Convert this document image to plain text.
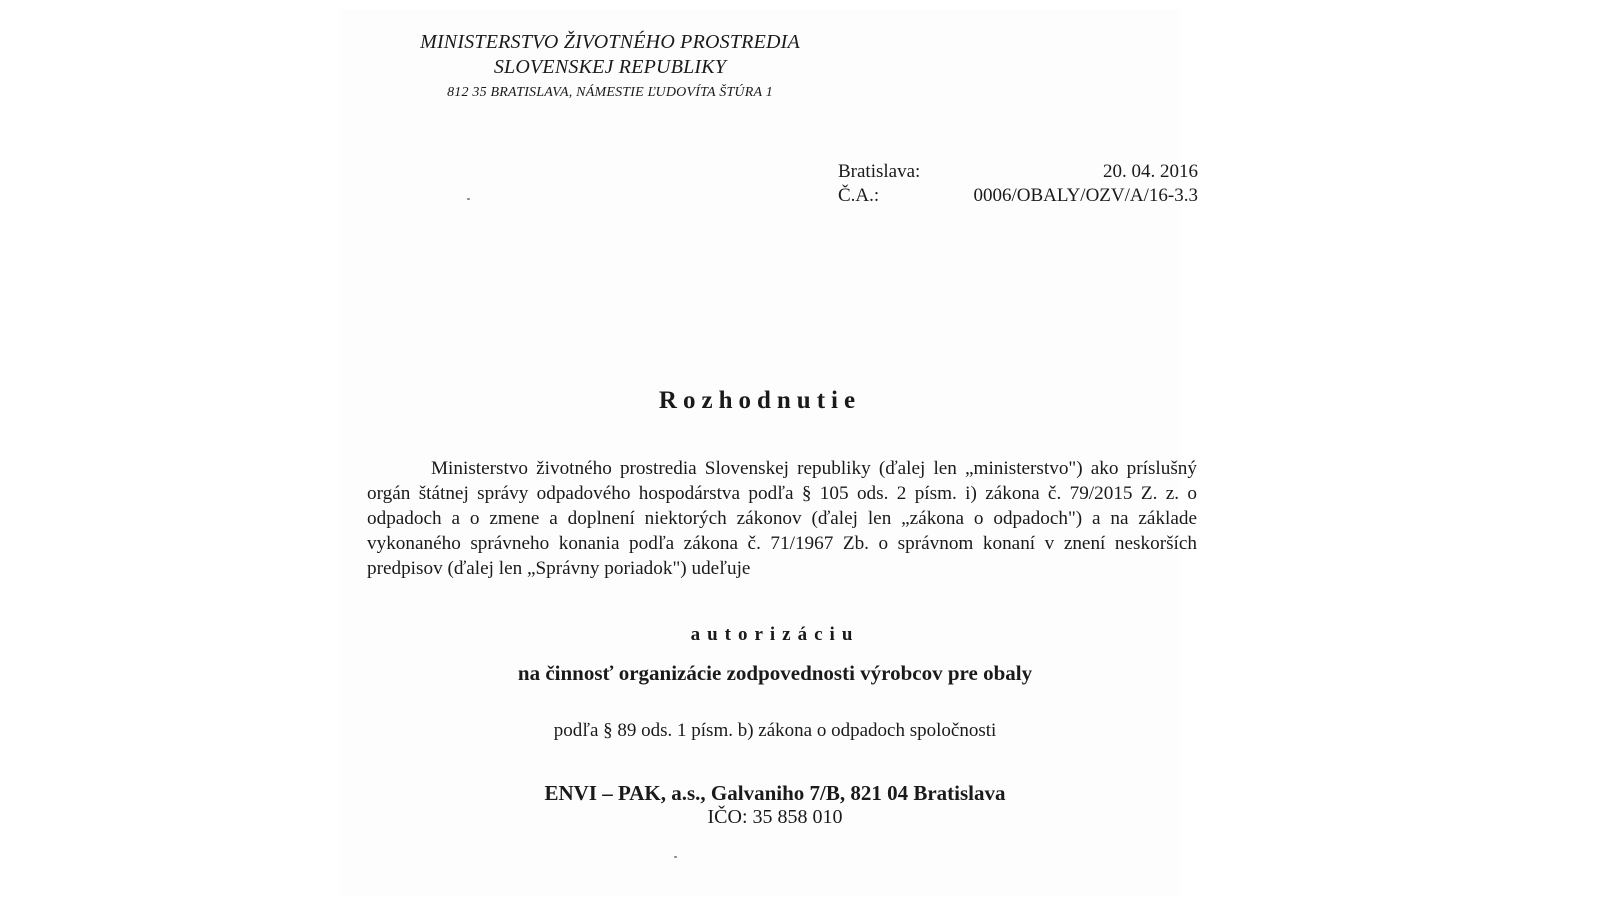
MINISTERSTVO ŽIVOTNÉHO PROSTREDIA
SLOVENSKEJ REPUBLIKY
812 35 BRATISLAVA, NÁMESTIE ĽUDOVÍTA ŠTÚRA 1
Bratislava:	20. 04. 2016
Č.A.:	0006/OBALY/OZV/A/16-3.3
Rozhodnutie
Ministerstvo životného prostredia Slovenskej republiky (ďalej len „ministerstvo") ako príslušný orgán štátnej správy odpadového hospodárstva podľa § 105 ods. 2 písm. i) zákona č. 79/2015 Z. z. o odpadoch a o zmene a doplnení niektorých zákonov (ďalej len „zákona o odpadoch") a na základe vykonaného správneho konania podľa zákona č. 71/1967 Zb. o správnom konaní v znení neskorších predpisov (ďalej len „Správny poriadok") udeľuje
autorizáciu
na činnosť organizácie zodpovednosti výrobcov pre obaly
podľa § 89 ods. 1 písm. b) zákona o odpadoch spoločnosti
ENVI – PAK, a.s., Galvaniho 7/B, 821 04 Bratislava
IČO: 35 858 010
